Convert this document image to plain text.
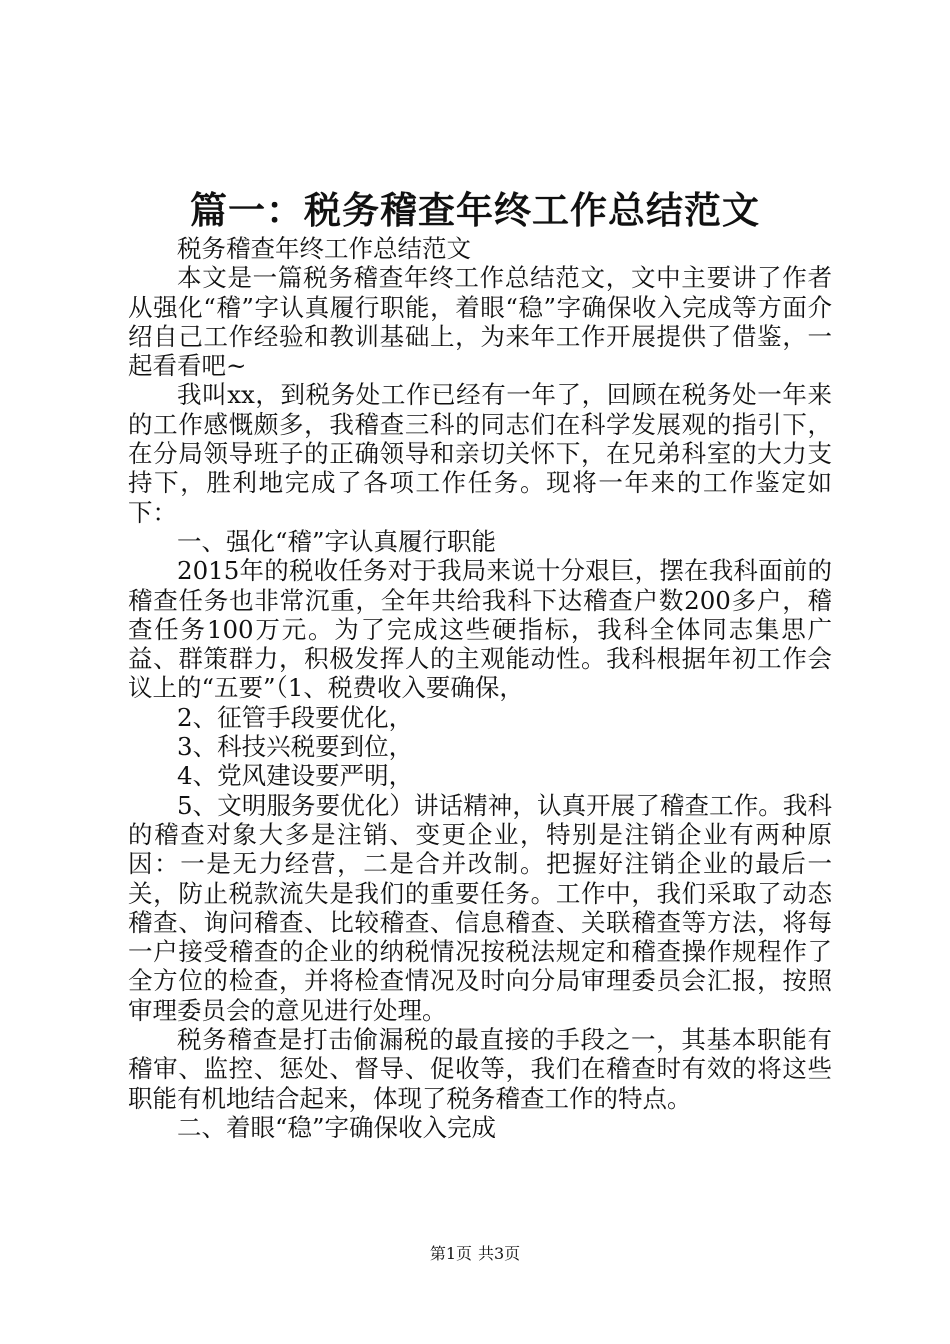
篇一：税务稽查年终工作总结范文

税务稽查年终工作总结范文

本文是一篇税务稽查年终工作总结范文，文中主要讲了作者从强化“稽”字认真履行职能，着眼“稳”字确保收入完成等方面介绍自己工作经验和教训基础上，为来年工作开展提供了借鉴，一起看看吧~

我叫xx，到税务处工作已经有一年了，回顾在税务处一年来的工作感慨颇多，我稽查三科的同志们在科学发展观的指引下，在分局领导班子的正确领导和亲切关怀下，在兄弟科室的大力支持下，胜利地完成了各项工作任务。现将一年来的工作鉴定如下：

一、强化“稽”字认真履行职能

2015年的税收任务对于我局来说十分艰巨，摆在我科面前的稽查任务也非常沉重，全年共给我科下达稽查户数200多户，稽查任务100万元。为了完成这些硬指标，我科全体同志集思广益、群策群力，积极发挥人的主观能动性。我科根据年初工作会议上的“五要”（1、税费收入要确保，

2、征管手段要优化，

3、科技兴税要到位，

4、党风建设要严明，

5、文明服务要优化）讲话精神，认真开展了稽查工作。我科的稽查对象大多是注销、变更企业，特别是注销企业有两种原因：一是无力经营，二是合并改制。把握好注销企业的最后一关，防止税款流失是我们的重要任务。工作中，我们采取了动态稽查、询问稽查、比较稽查、信息稽查、关联稽查等方法，将每一户接受稽查的企业的纳税情况按税法规定和稽查操作规程作了全方位的检查，并将检查情况及时向分局审理委员会汇报，按照审理委员会的意见进行处理。

税务稽查是打击偷漏税的最直接的手段之一，其基本职能有稽审、监控、惩处、督导、促收等，我们在稽查时有效的将这些职能有机地结合起来，体现了税务稽查工作的特点。

二、着眼“稳”字确保收入完成

第1页 共3页
